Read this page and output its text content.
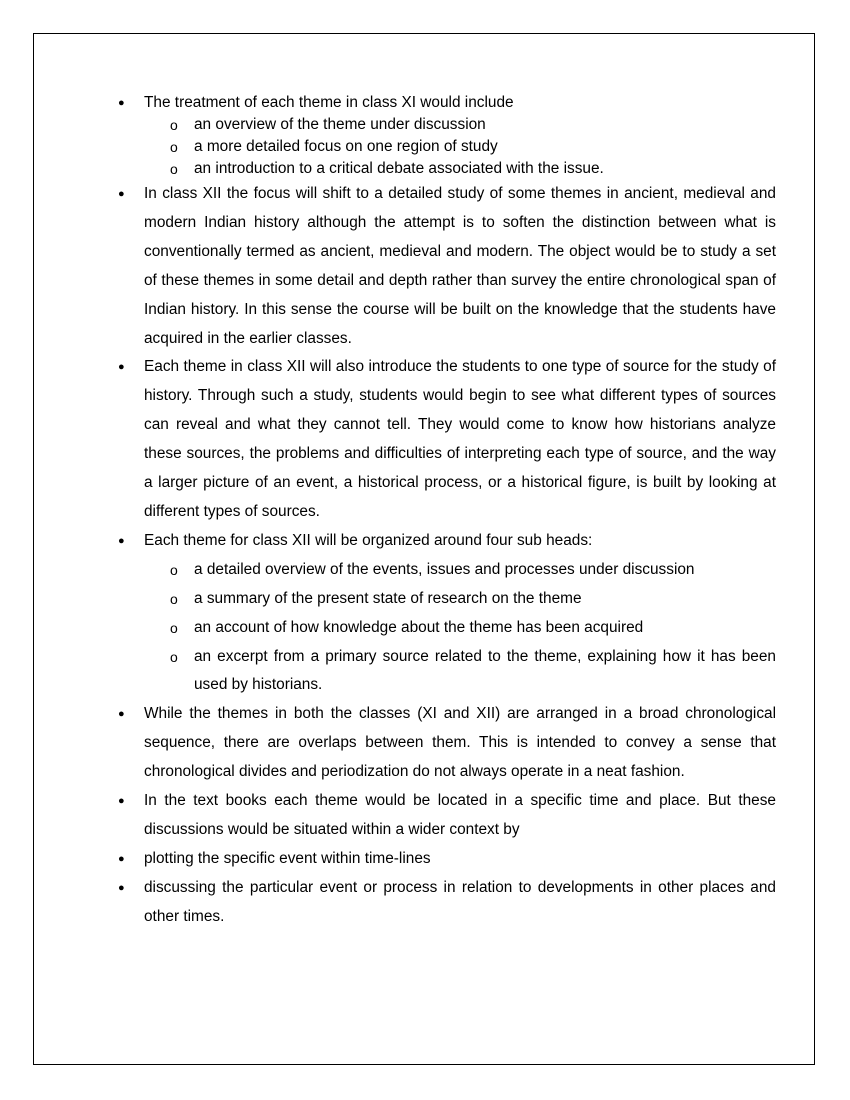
● The treatment of each theme in class XI would include
o an overview of the theme under discussion
o a more detailed focus on one region of study
o an introduction to a critical debate associated with the issue.
● In class XII the focus will shift to a detailed study of some themes in ancient, medieval and modern Indian history although the attempt is to soften the distinction between what is conventionally termed as ancient, medieval and modern. The object would be to study a set of these themes in some detail and depth rather than survey the entire chronological span of Indian history. In this sense the course will be built on the knowledge that the students have acquired in the earlier classes.
● Each theme in class XII will also introduce the students to one type of source for the study of history. Through such a study, students would begin to see what different types of sources can reveal and what they cannot tell. They would come to know how historians analyze these sources, the problems and difficulties of interpreting each type of source, and the way a larger picture of an event, a historical process, or a historical figure, is built by looking at different types of sources.
● Each theme for class XII will be organized around four sub heads:
o a detailed overview of the events, issues and processes under discussion
o a summary of the present state of research on the theme
o an account of how knowledge about the theme has been acquired
o an excerpt from a primary source related to the theme, explaining how it has been used by historians.
● While the themes in both the classes (XI and XII) are arranged in a broad chronological sequence, there are overlaps between them. This is intended to convey a sense that chronological divides and periodization do not always operate in a neat fashion.
● In the text books each theme would be located in a specific time and place. But these discussions would be situated within a wider context by
● plotting the specific event within time-lines
● discussing the particular event or process in relation to developments in other places and other times.
